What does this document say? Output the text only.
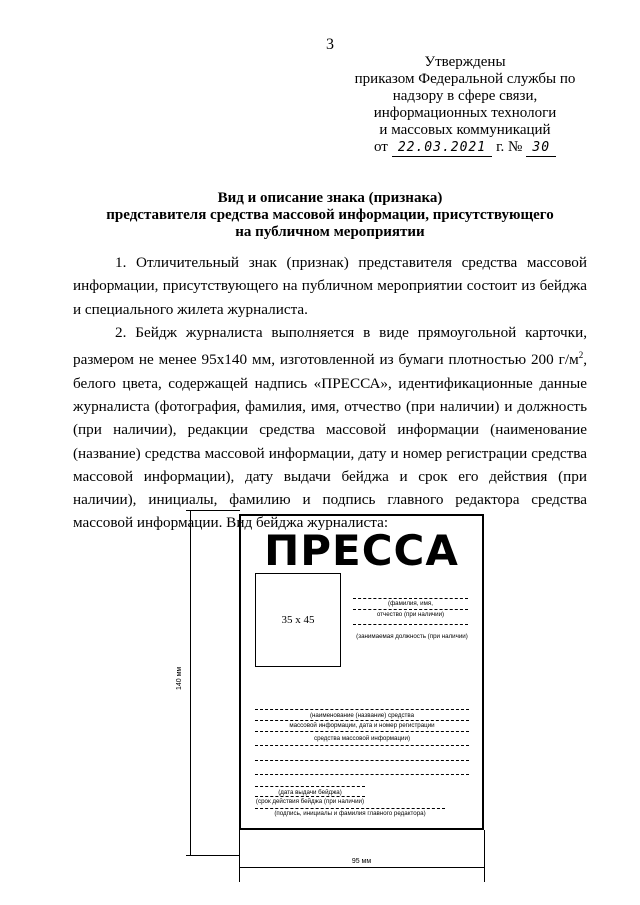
3
Утверждены
приказом Федеральной службы по
надзору в сфере связи,
информационных технологи
и массовых коммуникаций
от 22.03.2021 г. № 30
Вид и описание знака (признака)
представителя средства массовой информации, присутствующего
на публичном мероприятии

1. Отличительный знак (признак) представителя средства массовой информации, присутствующего на публичном мероприятии состоит из бейджа и специального жилета журналиста.

2. Бейдж журналиста выполняется в виде прямоугольной карточки, размером не менее 95х140 мм, изготовленной из бумаги плотностью 200 $г/м^2$, белого цвета, содержащей надпись «ПРЕССА», идентификационные данные журналиста (фотография, фамилия, имя, отчество (при наличии) и должность (при наличии), редакции средства массовой информации (наименование (название) средства массовой информации, дату и номер регистрации средства массовой информации), дату выдачи бейджа и срок его действия (при наличии), инициалы, фамилию и подпись главного редактора средства массовой информации. Вид бейджа журналиста:

140 мм
ПРЕССА
35 х 45
(фамилия, имя,
отчество (при наличии)
(занимаемая должность (при наличии)
(наименование (название) средства
массовой информации, дата и номер регистрации
средства массовой информации)
(дата выдачи бейджа)
(срок действия бейджа (при наличии)
(подпись, инициалы и фамилия главного редактора)
95 мм
